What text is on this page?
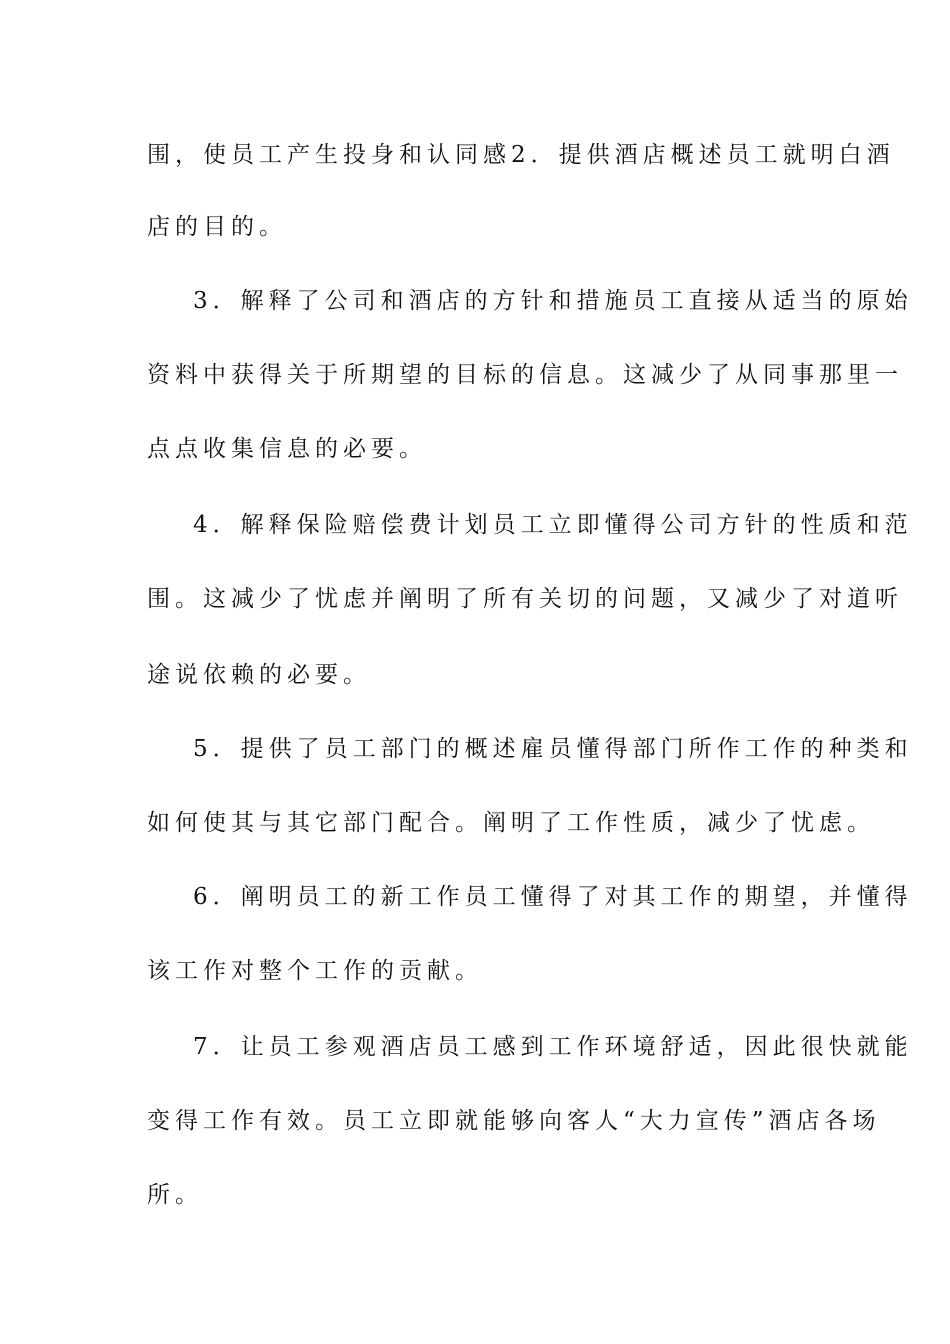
围，使员工产生投身和认同感2．提供酒店概述员工就明白酒
店的目的。
3．解释了公司和酒店的方针和措施员工直接从适当的原始
资料中获得关于所期望的目标的信息。这减少了从同事那里一
点点收集信息的必要。
4．解释保险赔偿费计划员工立即懂得公司方针的性质和范
围。这减少了忧虑并阐明了所有关切的问题，又减少了对道听
途说依赖的必要。
5．提供了员工部门的概述雇员懂得部门所作工作的种类和
如何使其与其它部门配合。阐明了工作性质，减少了忧虑。
6．阐明员工的新工作员工懂得了对其工作的期望，并懂得
该工作对整个工作的贡献。
7．让员工参观酒店员工感到工作环境舒适，因此很快就能
变得工作有效。员工立即就能够向客人“大力宣传”酒店各场
所。
